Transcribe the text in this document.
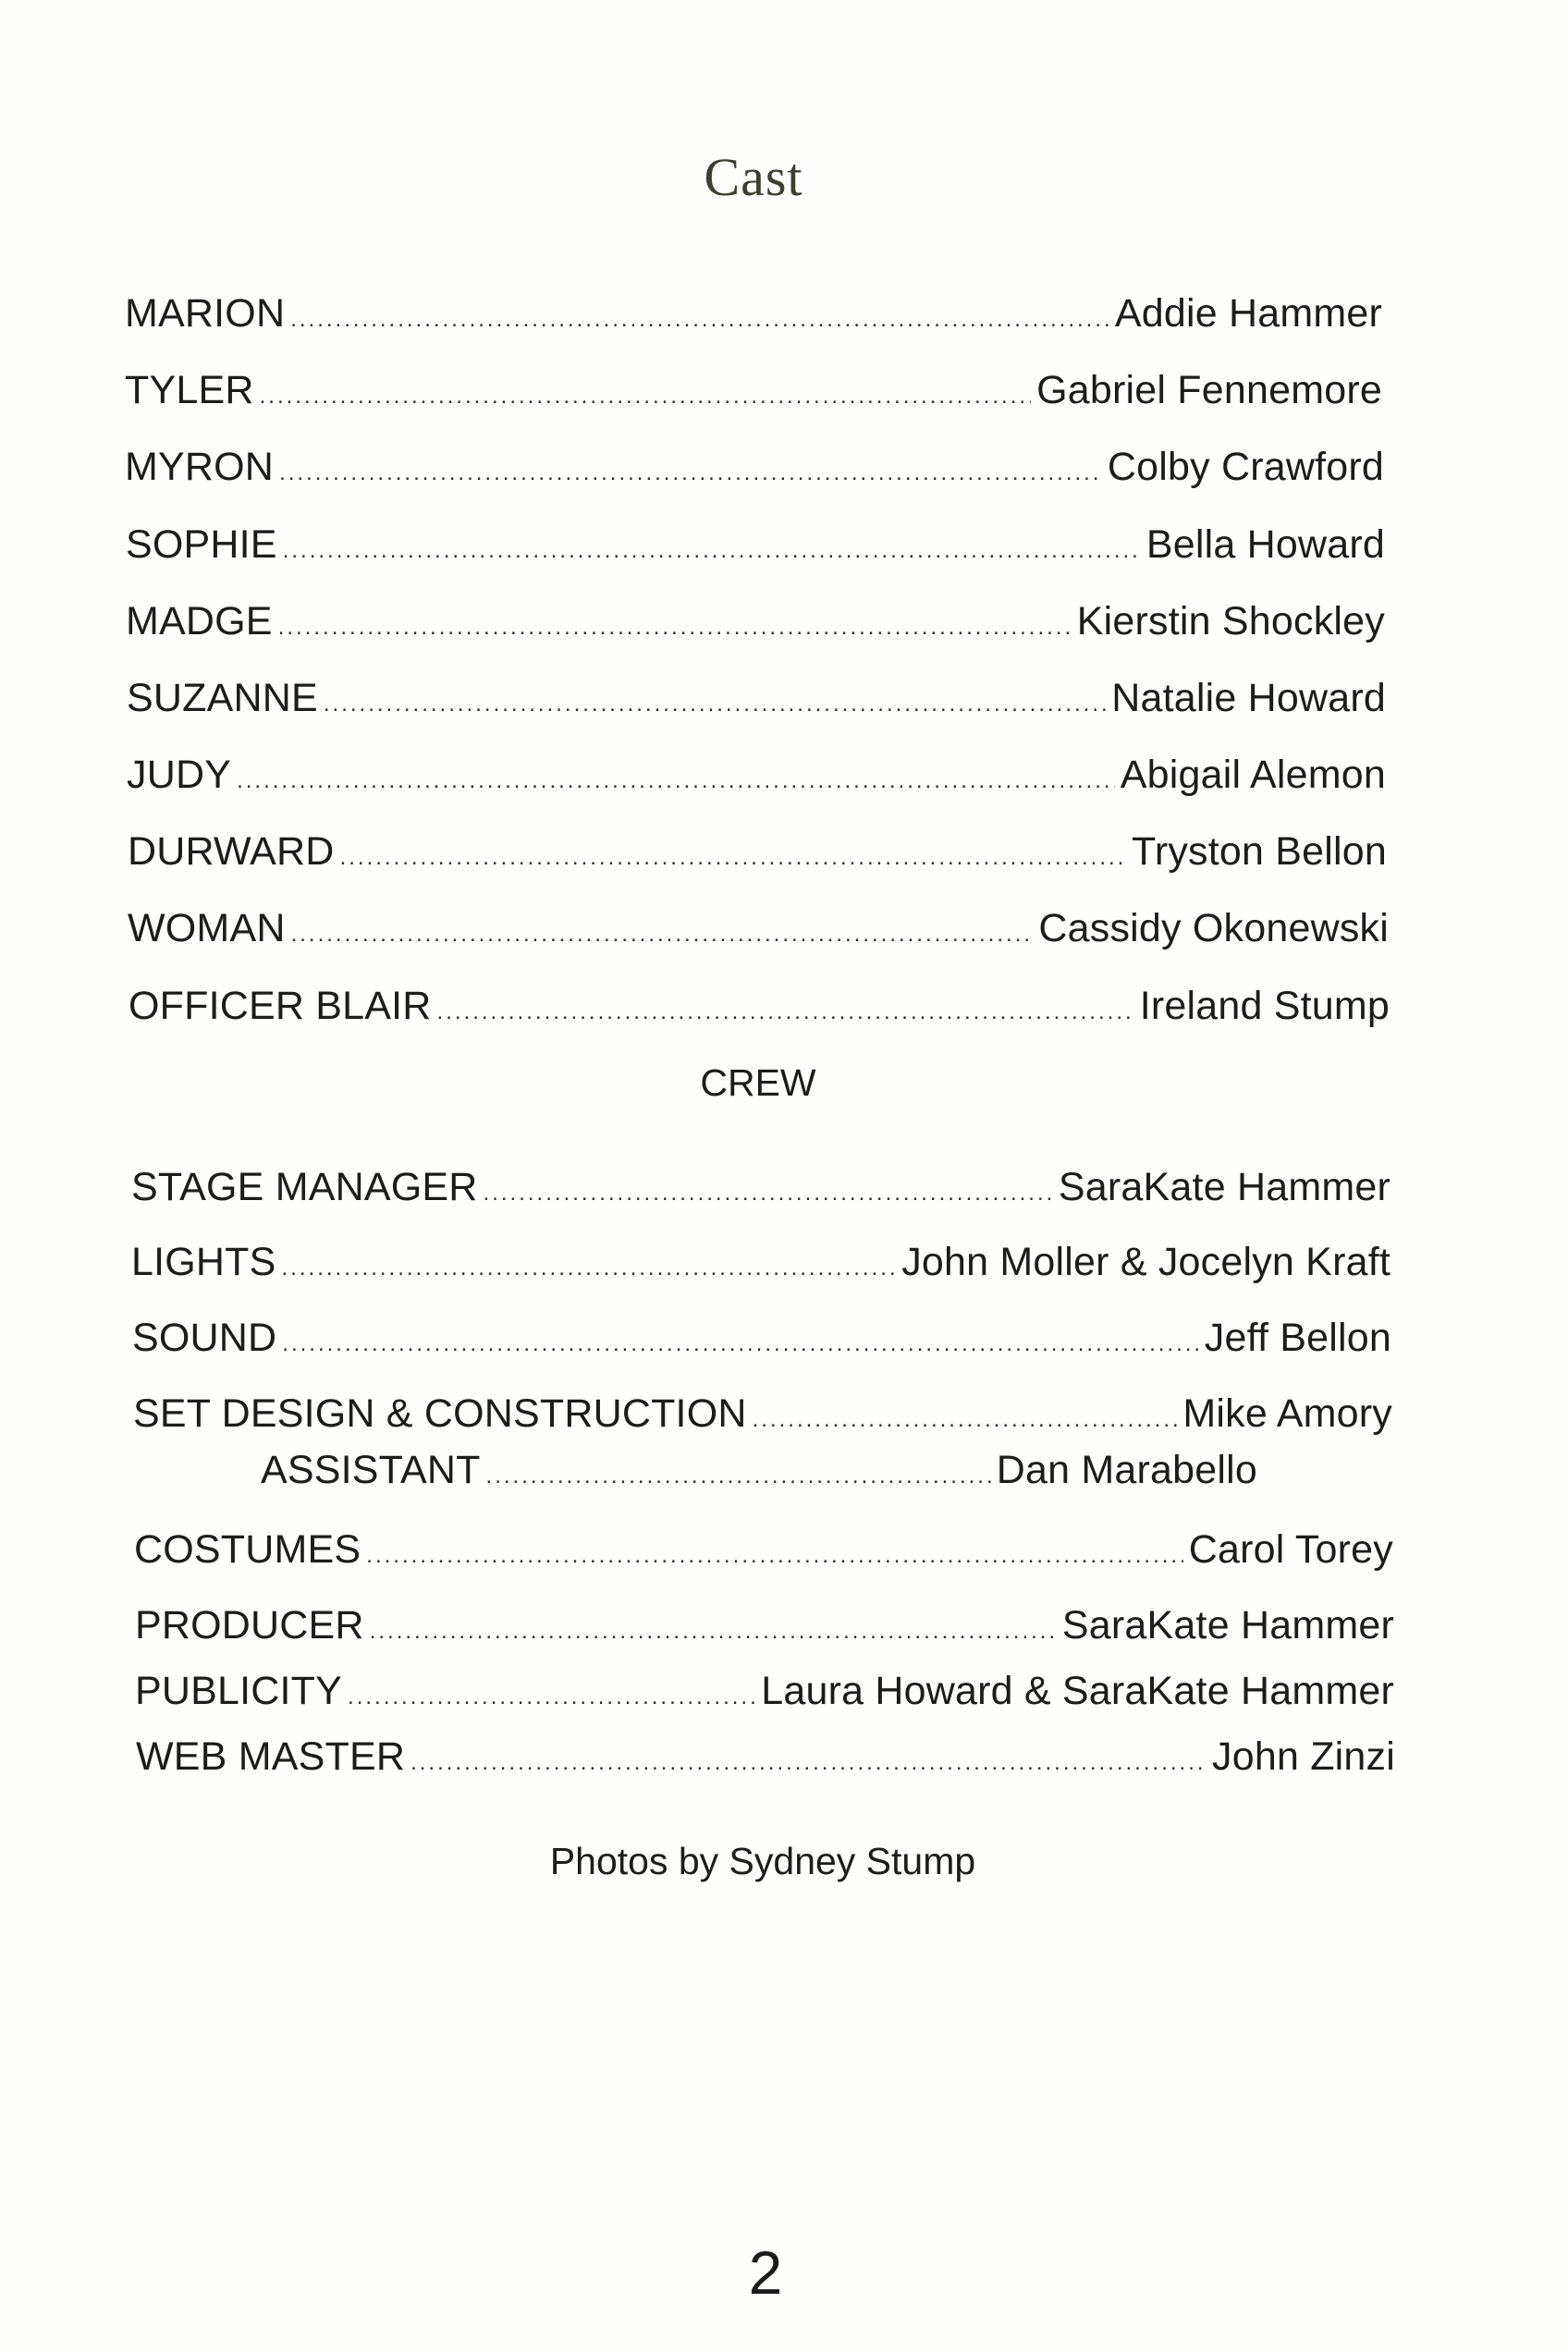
Cast
MARION .....	Addie Hammer
TYLER .....	Gabriel Fennemore
MYRON .....	Colby Crawford
SOPHIE .....	Bella Howard
MADGE .....	Kierstin Shockley
SUZANNE .....	Natalie Howard
JUDY .....	Abigail Alemon
DURWARD .....	Tryston Bellon
WOMAN .....	Cassidy Okonewski
OFFICER BLAIR .....	Ireland Stump
CREW
STAGE MANAGER .....	SaraKate Hammer
LIGHTS .....	John Moller & Jocelyn Kraft
SOUND .....	Jeff Bellon
SET DESIGN & CONSTRUCTION .....	Mike Amory
ASSISTANT .....	Dan Marabello
COSTUMES .....	Carol Torey
PRODUCER .....	SaraKate Hammer
PUBLICITY .....	Laura Howard & SaraKate Hammer
WEB MASTER .....	John Zinzi
Photos by Sydney Stump
2
